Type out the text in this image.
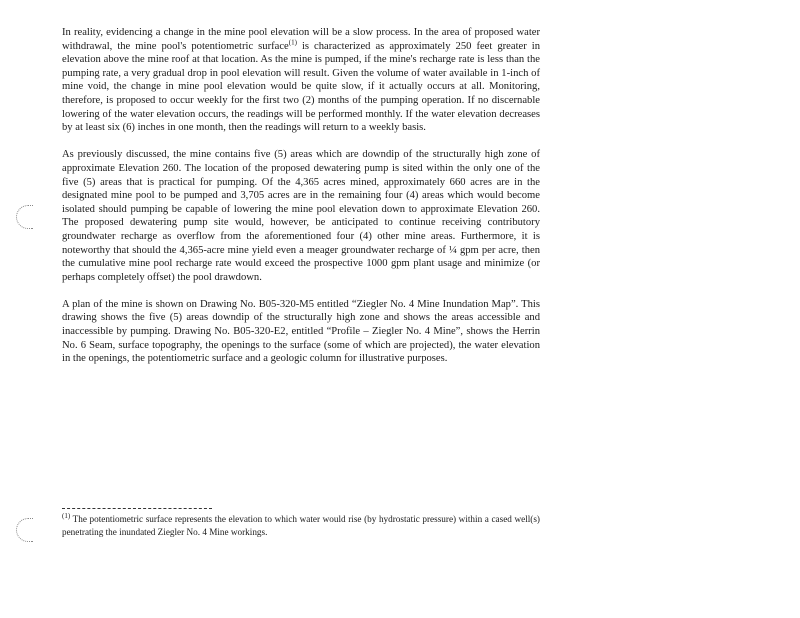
In reality, evidencing a change in the mine pool elevation will be a slow process. In the area of proposed water withdrawal, the mine pool's potentiometric surface$^{(1)}$ is characterized as approximately 250 feet greater in elevation above the mine roof at that location. As the mine is pumped, if the mine's recharge rate is less than the pumping rate, a very gradual drop in pool elevation will result. Given the volume of water available in 1-inch of mine void, the change in mine pool elevation would be quite slow, if it actually occurs at all. Monitoring, therefore, is proposed to occur weekly for the first two (2) months of the pumping operation. If no discernable lowering of the water elevation occurs, the readings will be performed monthly. If the water elevation decreases by at least six (6) inches in one month, then the readings will return to a weekly basis.

As previously discussed, the mine contains five (5) areas which are downdip of the structurally high zone of approximate Elevation 260. The location of the proposed dewatering pump is sited within the only one of the five (5) areas that is practical for pumping. Of the 4,365 acres mined, approximately 660 acres are in the designated mine pool to be pumped and 3,705 acres are in the remaining four (4) areas which would become isolated should pumping be capable of lowering the mine pool elevation down to approximate Elevation 260. The proposed dewatering pump site would, however, be anticipated to continue receiving contributory groundwater recharge as overflow from the aforementioned four (4) other mine areas. Furthermore, it is noteworthy that should the 4,365-acre mine yield even a meager groundwater recharge of ¼ gpm per acre, then the cumulative mine pool recharge rate would exceed the prospective 1000 gpm plant usage and minimize (or perhaps completely offset) the pool drawdown.

A plan of the mine is shown on Drawing No. B05-320-M5 entitled “Ziegler No. 4 Mine Inundation Map”. This drawing shows the five (5) areas downdip of the structurally high zone and shows the areas accessible and inaccessible by pumping. Drawing No. B05-320-E2, entitled “Profile – Ziegler No. 4 Mine”, shows the Herrin No. 6 Seam, surface topography, the openings to the surface (some of which are projected), the water elevation in the openings, the potentiometric surface and a geologic column for illustrative purposes.

$^{(1)}$ The potentiometric surface represents the elevation to which water would rise (by hydrostatic pressure) within a cased well(s) penetrating the inundated Ziegler No. 4 Mine workings.
